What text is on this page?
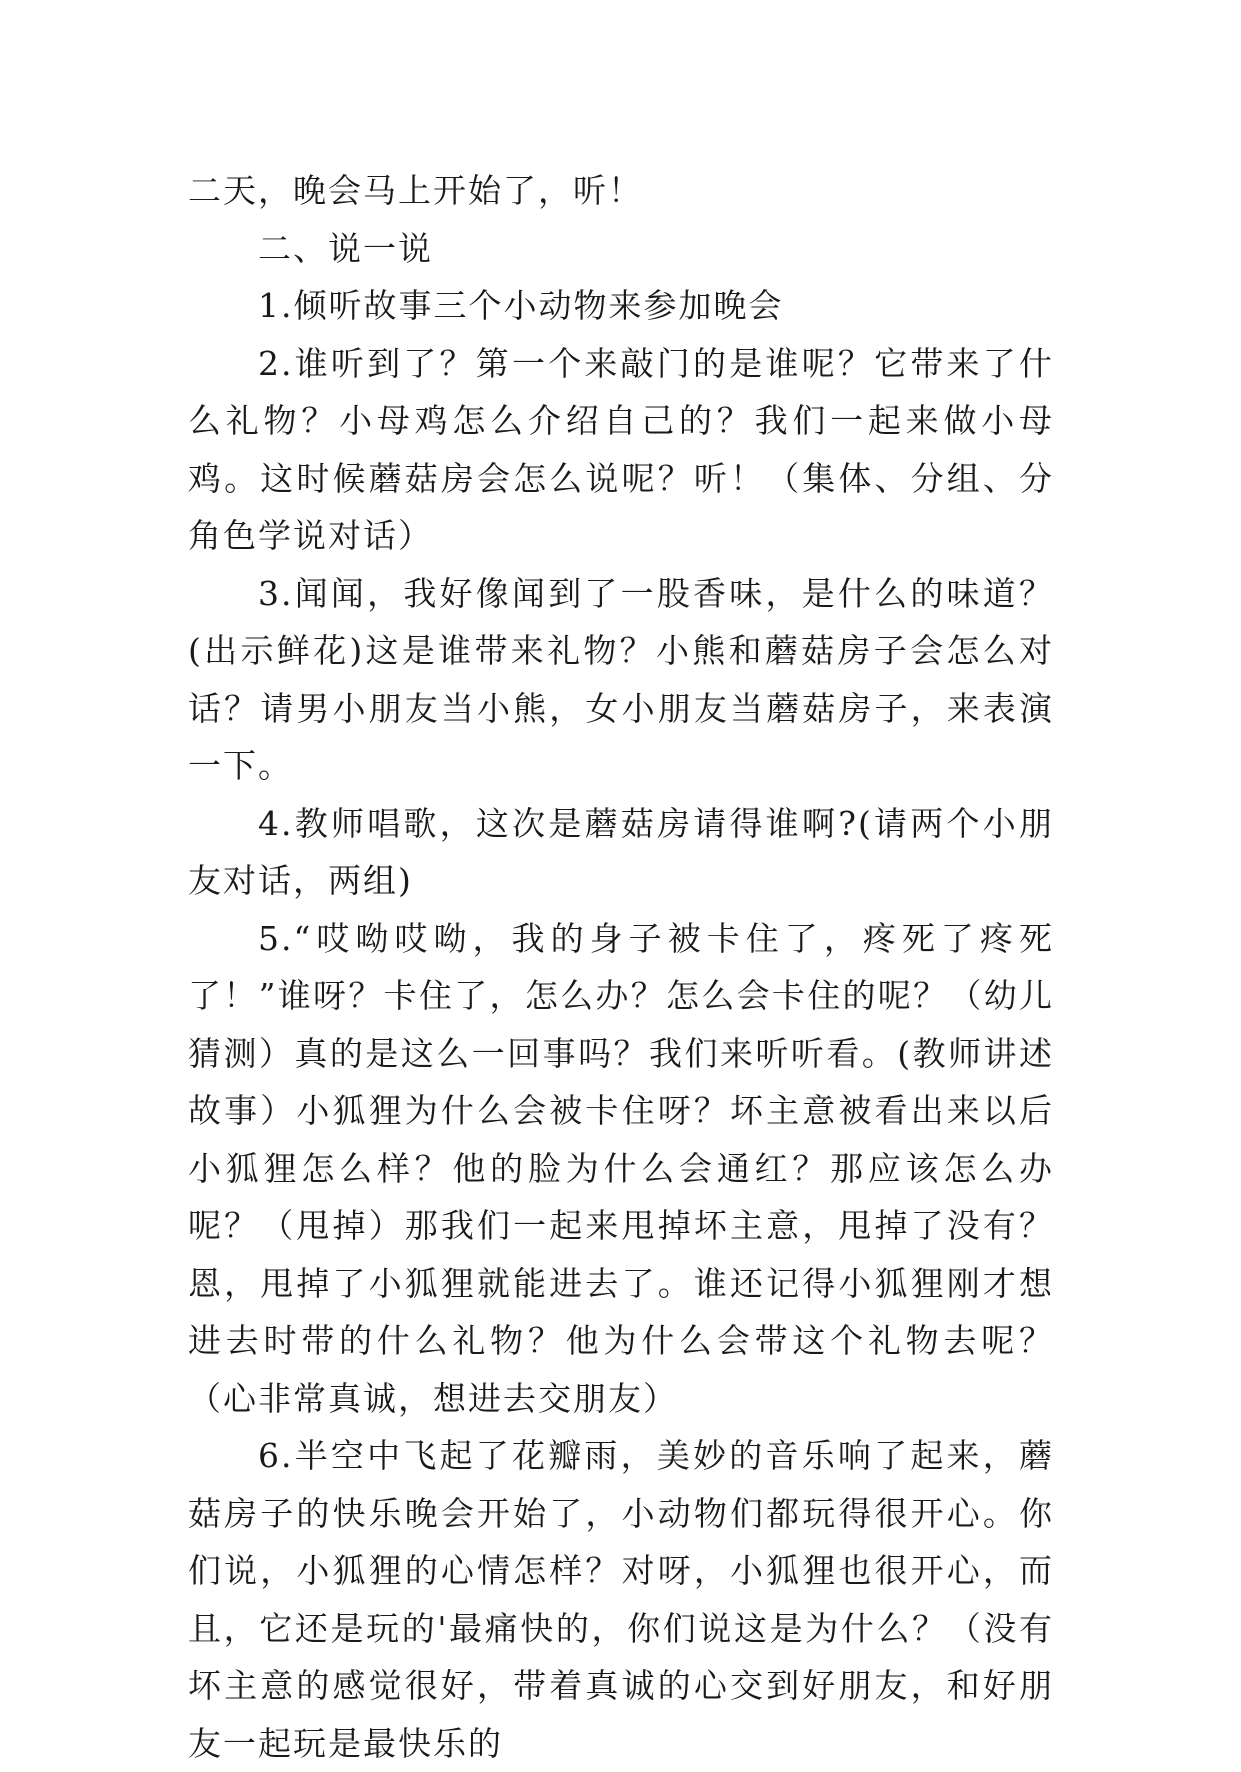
二天，晚会马上开始了，听！

二、说一说

1.倾听故事三个小动物来参加晚会

2.谁听到了？第一个来敲门的是谁呢？它带来了什么礼物？小母鸡怎么介绍自己的？我们一起来做小母鸡。这时候蘑菇房会怎么说呢？听！（集体、分组、分角色学说对话）

3.闻闻，我好像闻到了一股香味，是什么的味道？(出示鲜花)这是谁带来礼物？小熊和蘑菇房子会怎么对话？请男小朋友当小熊，女小朋友当蘑菇房子，来表演一下。

4.教师唱歌，这次是蘑菇房请得谁啊?(请两个小朋友对话，两组)

5.“哎呦哎呦，我的身子被卡住了，疼死了疼死了！”谁呀？卡住了，怎么办？怎么会卡住的呢？（幼儿猜测）真的是这么一回事吗？我们来听听看。(教师讲述故事）小狐狸为什么会被卡住呀？坏主意被看出来以后小狐狸怎么样？他的脸为什么会通红？那应该怎么办呢？（甩掉）那我们一起来甩掉坏主意，甩掉了没有？恩，甩掉了小狐狸就能进去了。谁还记得小狐狸刚才想进去时带的什么礼物？他为什么会带这个礼物去呢？（心非常真诚，想进去交朋友）

6.半空中飞起了花瓣雨，美妙的音乐响了起来，蘑菇房子的快乐晚会开始了，小动物们都玩得很开心。你们说，小狐狸的心情怎样？对呀，小狐狸也很开心，而且，它还是玩的'最痛快的，你们说这是为什么？（没有坏主意的感觉很好，带着真诚的心交到好朋友，和好朋友一起玩是最快乐的
